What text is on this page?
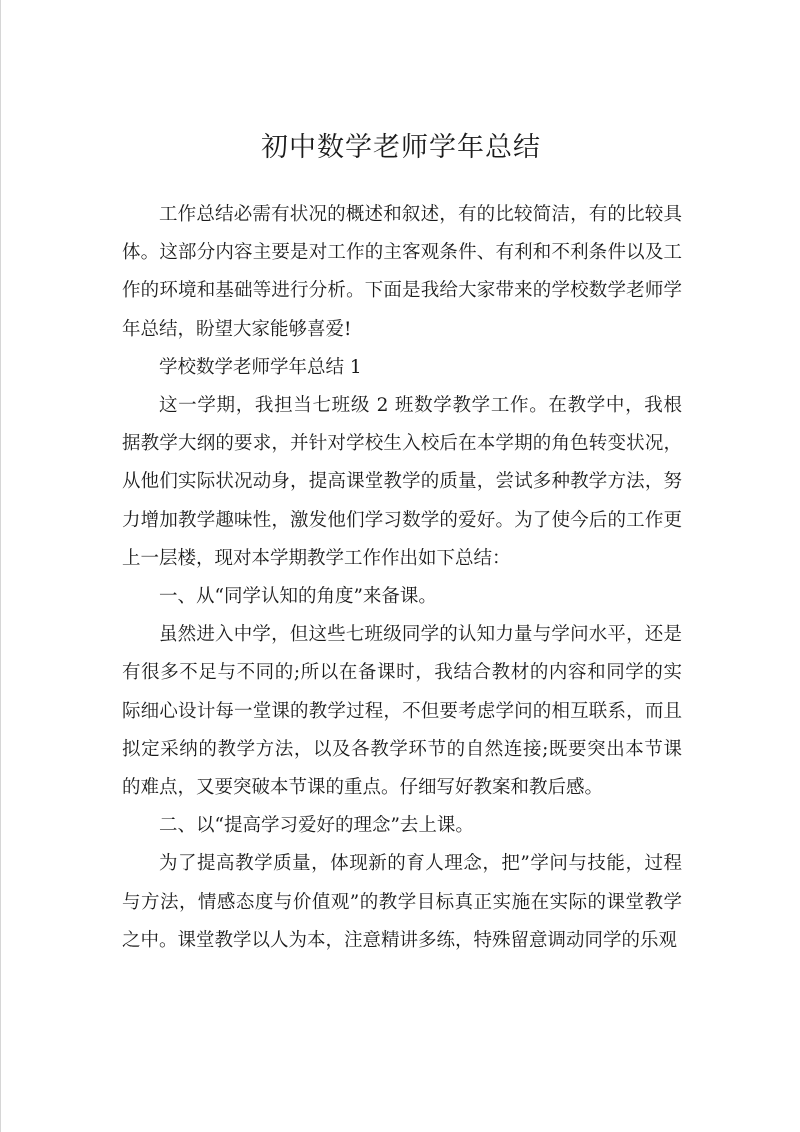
初中数学老师学年总结

工作总结必需有状况的概述和叙述，有的比较简洁，有的比较具体。这部分内容主要是对工作的主客观条件、有利和不利条件以及工作的环境和基础等进行分析。下面是我给大家带来的学校数学老师学年总结，盼望大家能够喜爱!

学校数学老师学年总结 1

这一学期，我担当七班级 2 班数学教学工作。在教学中，我根据教学大纲的要求，并针对学校生入校后在本学期的角色转变状况，从他们实际状况动身，提高课堂教学的质量，尝试多种教学方法，努力增加教学趣味性，激发他们学习数学的爱好。为了使今后的工作更上一层楼，现对本学期教学工作作出如下总结：

一、从“同学认知的角度”来备课。

虽然进入中学，但这些七班级同学的认知力量与学问水平，还是有很多不足与不同的;所以在备课时，我结合教材的内容和同学的实际细心设计每一堂课的教学过程，不但要考虑学问的相互联系，而且拟定采纳的教学方法，以及各教学环节的自然连接;既要突出本节课的难点，又要突破本节课的重点。仔细写好教案和教后感。

二、以“提高学习爱好的理念”去上课。

为了提高教学质量，体现新的育人理念，把”学问与技能，过程与方法，情感态度与价值观”的教学目标真正实施在实际的课堂教学之中。课堂教学以人为本，注意精讲多练，特殊留意调动同学的乐观
